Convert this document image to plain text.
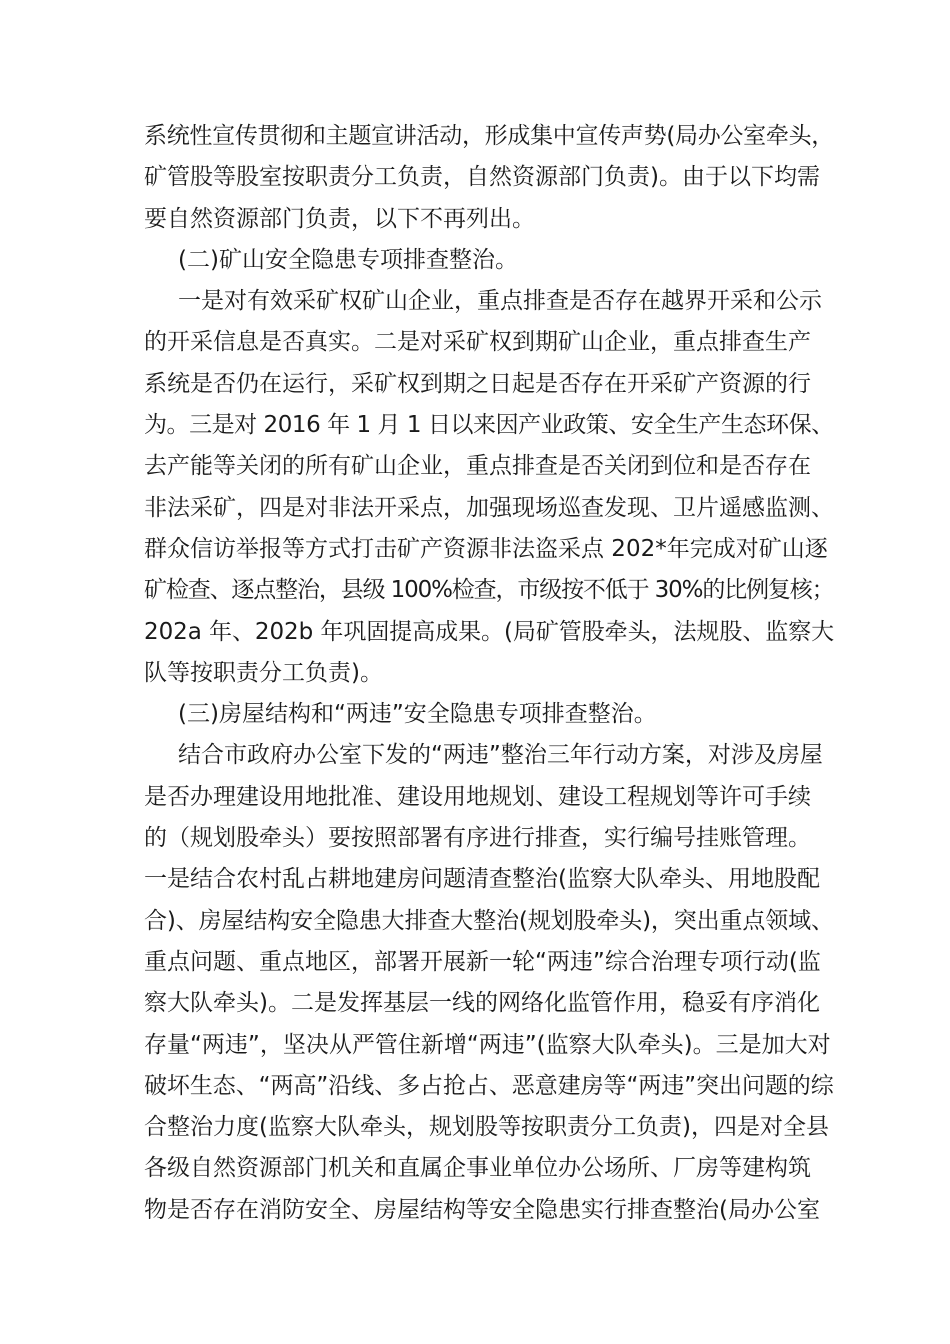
系统性宣传贯彻和主题宣讲活动，形成集中宣传声势(局办公室牵头，
矿管股等股室按职责分工负责，自然资源部门负责)。由于以下均需
要自然资源部门负责，以下不再列出。
(二)矿山安全隐患专项排查整治。
一是对有效采矿权矿山企业，重点排查是否存在越界开采和公示
的开采信息是否真实。二是对采矿权到期矿山企业，重点排查生产
系统是否仍在运行，采矿权到期之日起是否存在开采矿产资源的行
为。三是对 2016 年 1 月 1 日以来因产业政策、安全生产生态环保、
去产能等关闭的所有矿山企业，重点排查是否关闭到位和是否存在
非法采矿，四是对非法开采点，加强现场巡查发现、卫片遥感监测、
群众信访举报等方式打击矿产资源非法盗采点 202*年完成对矿山逐
矿检查、逐点整治，县级 100%检查，市级按不低于 30%的比例复核；
202a 年、202b 年巩固提高成果。(局矿管股牵头，法规股、监察大
队等按职责分工负责)。
(三)房屋结构和“两违”安全隐患专项排查整治。
结合市政府办公室下发的“两违”整治三年行动方案，对涉及房屋
是否办理建设用地批准、建设用地规划、建设工程规划等许可手续
的（规划股牵头）要按照部署有序进行排查，实行编号挂账管理。
一是结合农村乱占耕地建房问题清查整治(监察大队牵头、用地股配
合)、房屋结构安全隐患大排查大整治(规划股牵头)，突出重点领域、
重点问题、重点地区，部署开展新一轮“两违”综合治理专项行动(监
察大队牵头)。二是发挥基层一线的网络化监管作用，稳妥有序消化
存量“两违”，坚决从严管住新增“两违”(监察大队牵头)。三是加大对
破坏生态、“两高”沿线、多占抢占、恶意建房等“两违”突出问题的综
合整治力度(监察大队牵头，规划股等按职责分工负责)，四是对全县
各级自然资源部门机关和直属企事业单位办公场所、厂房等建构筑
物是否存在消防安全、房屋结构等安全隐患实行排查整治(局办公室
